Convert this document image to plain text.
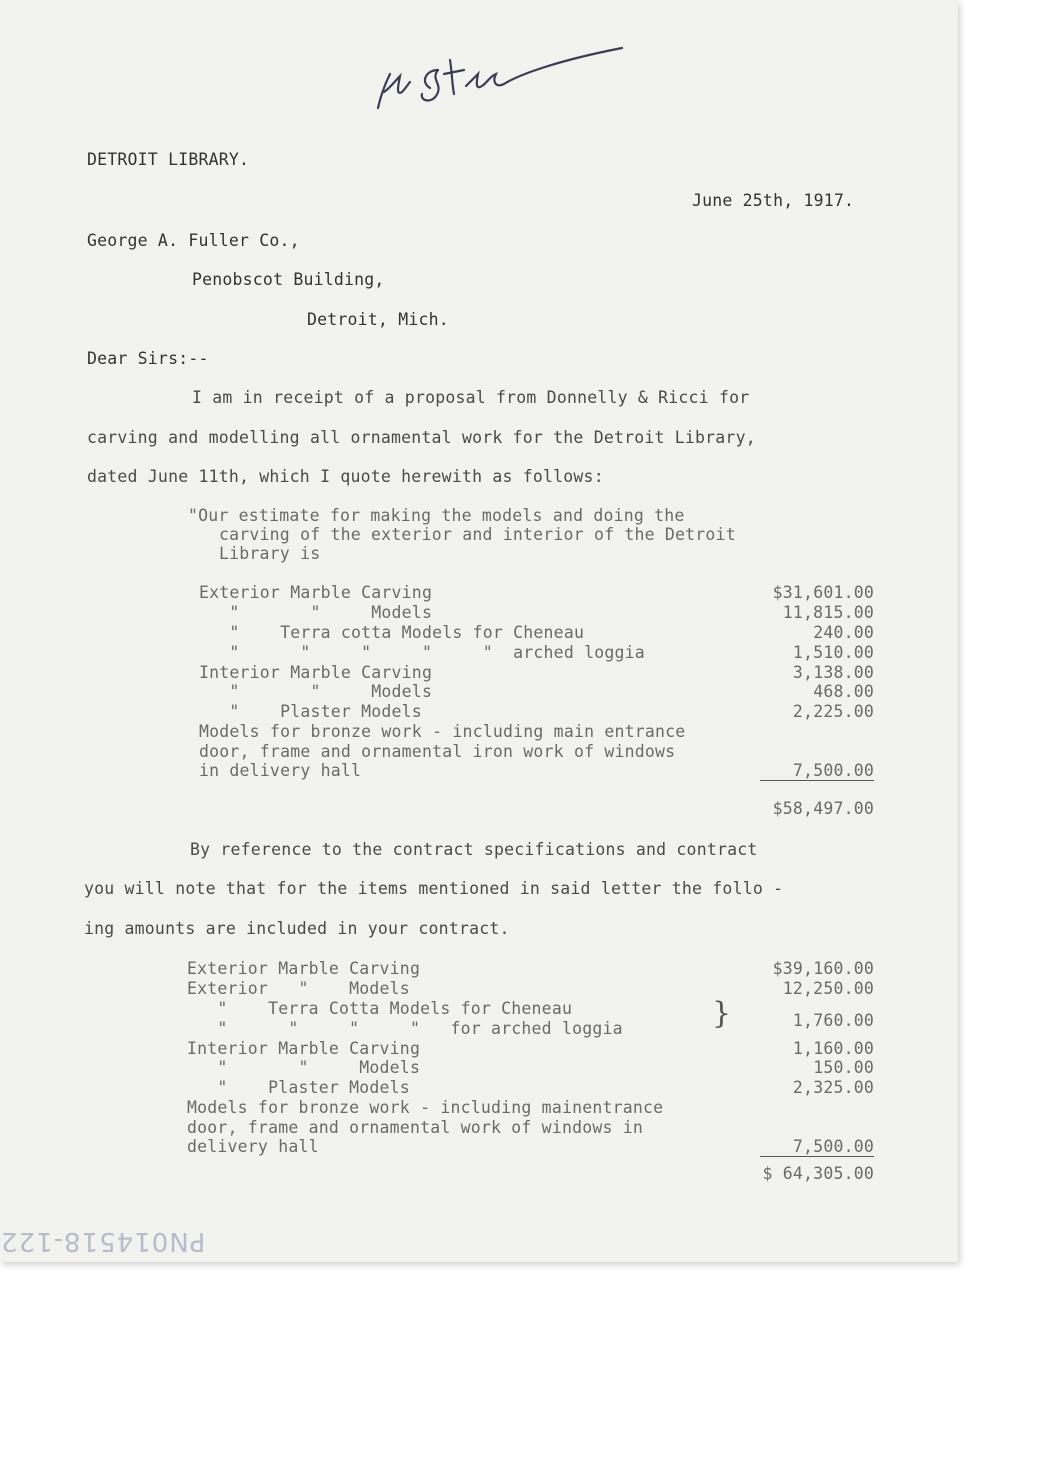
DETROIT LIBRARY.
June 25th, 1917.
George A. Fuller Co.,
Penobscot Building,
Detroit, Mich.
Dear Sirs:--
I am in receipt of a proposal from Donnelly & Ricci for
carving and modelling all ornamental work for the Detroit Library,
dated June 11th, which I quote herewith as follows:
"Our estimate for making the models and doing the
carving of the exterior and interior of the Detroit
Library is
Exterior Marble Carving	$31,601.00
"       "     Models	11,815.00
"    Terra cotta Models for Cheneau	240.00
"      "     "     "     "  arched loggia	1,510.00
Interior Marble Carving	3,138.00
"       "     Models	468.00
"    Plaster Models	2,225.00
Models for bronze work - including main entrance
door, frame and ornamental iron work of windows
in delivery hall	7,500.00
$58,497.00
By reference to the contract specifications and contract
you will note that for the items mentioned in said letter the follo -
ing amounts are included in your contract.
Exterior Marble Carving	$39,160.00
Exterior   "    Models	12,250.00
"    Terra Cotta Models for Cheneau
"      "     "     "   for arched loggia	}	1,760.00
Interior Marble Carving	1,160.00
"       "     Models	150.00
"    Plaster Models	2,325.00
Models for bronze work - including mainentrance
door, frame and ornamental work of windows in
delivery hall	7,500.00
$ 64,305.00
PN014518-122
